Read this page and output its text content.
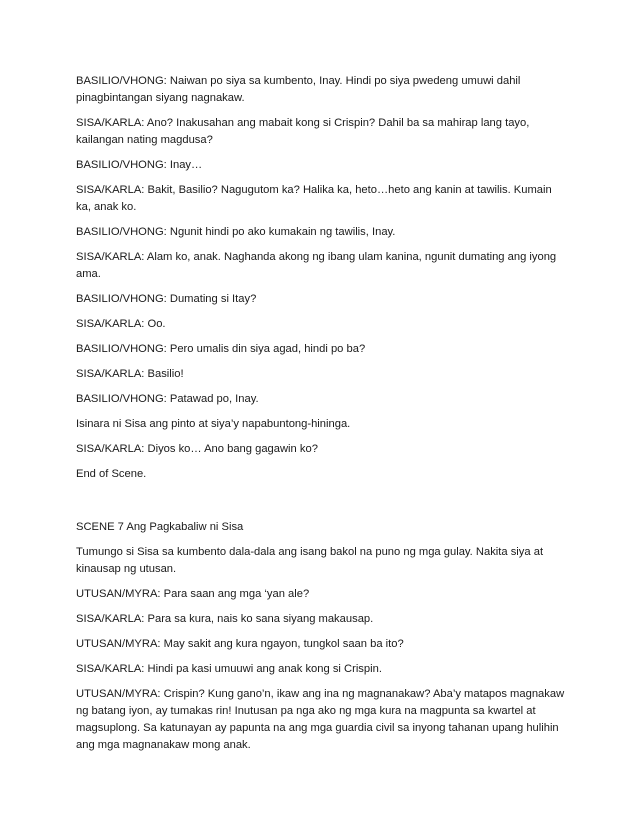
BASILIO/VHONG: Naiwan po siya sa kumbento, Inay. Hindi po siya pwedeng umuwi dahil pinagbintangan siyang nagnakaw.

SISA/KARLA: Ano? Inakusahan ang mabait kong si Crispin? Dahil ba sa mahirap lang tayo, kailangan nating magdusa?

BASILIO/VHONG: Inay…

SISA/KARLA: Bakit, Basilio? Nagugutom ka? Halika ka, heto…heto ang kanin at tawilis. Kumain ka, anak ko.

BASILIO/VHONG: Ngunit hindi po ako kumakain ng tawilis, Inay.

SISA/KARLA: Alam ko, anak. Naghanda akong ng ibang ulam kanina, ngunit dumating ang iyong ama.

BASILIO/VHONG: Dumating si Itay?

SISA/KARLA: Oo.

BASILIO/VHONG: Pero umalis din siya agad, hindi po ba?

SISA/KARLA: Basilio!

BASILIO/VHONG: Patawad po, Inay.

Isinara ni Sisa ang pinto at siya’y napabuntong-hininga.

SISA/KARLA: Diyos ko… Ano bang gagawin ko?

End of Scene.

SCENE 7 Ang Pagkabaliw ni Sisa

Tumungo si Sisa sa kumbento dala-dala ang isang bakol na puno ng mga gulay. Nakita siya at kinausap ng utusan.

UTUSAN/MYRA: Para saan ang mga ‘yan ale?

SISA/KARLA: Para sa kura, nais ko sana siyang makausap.

UTUSAN/MYRA: May sakit ang kura ngayon, tungkol saan ba ito?

SISA/KARLA: Hindi pa kasi umuuwi ang anak kong si Crispin.

UTUSAN/MYRA: Crispin? Kung gano’n, ikaw ang ina ng magnanakaw? Aba’y matapos magnakaw ng batang iyon, ay tumakas rin! Inutusan pa nga ako ng mga kura na magpunta sa kwartel at magsuplong. Sa katunayan ay papunta na ang mga guardia civil sa inyong tahanan upang hulihin ang mga magnanakaw mong anak.
